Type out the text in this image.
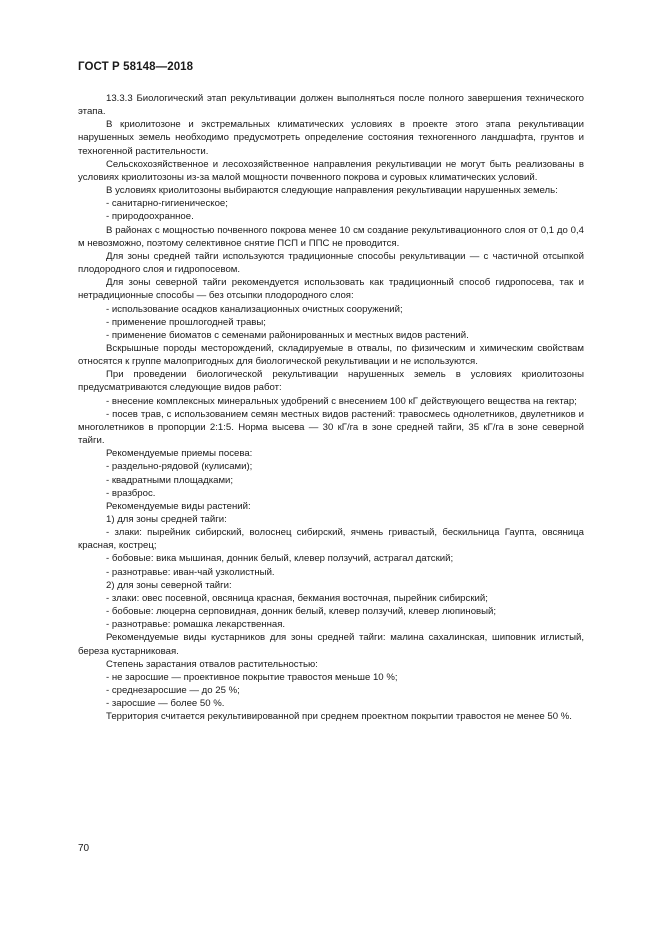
ГОСТ Р 58148—2018

13.3.3 Биологический этап рекультивации должен выполняться после полного завершения технического этапа.

В криолитозоне и экстремальных климатических условиях в проекте этого этапа рекультивации нарушенных земель необходимо предусмотреть определение состояния техногенного ландшафта, грунтов и техногенной растительности.

Сельскохозяйственное и лесохозяйственное направления рекультивации не могут быть реализованы в условиях криолитозоны из-за малой мощности почвенного покрова и суровых климатических условий.

В условиях криолитозоны выбираются следующие направления рекультивации нарушенных земель:

- санитарно-гигиеническое;

- природоохранное.

В районах с мощностью почвенного покрова менее 10 см создание рекультивационного слоя от 0,1 до 0,4 м невозможно, поэтому селективное снятие ПСП и ППС не проводится.

Для зоны средней тайги используются традиционные способы рекультивации — с частичной отсыпкой плодородного слоя и гидропосевом.

Для зоны северной тайги рекомендуется использовать как традиционный способ гидропосева, так и нетрадиционные способы — без отсыпки плодородного слоя:

- использование осадков канализационных очистных сооружений;

- применение прошлогодней травы;

- применение биоматов с семенами районированных и местных видов растений.

Вскрышные породы месторождений, складируемые в отвалы, по физическим и химическим свойствам относятся к группе малопригодных для биологической рекультивации и не используются.

При проведении биологической рекультивации нарушенных земель в условиях криолитозоны предусматриваются следующие видов работ:

- внесение комплексных минеральных удобрений с внесением 100 кГ действующего вещества на гектар;

- посев трав, с использованием семян местных видов растений: травосмесь однолетников, двулетников и многолетников в пропорции 2:1:5. Норма высева — 30 кГ/га в зоне средней тайги, 35 кГ/га в зоне северной тайги.

Рекомендуемые приемы посева:

- раздельно-рядовой (кулисами);

- квадратными площадками;

- вразброс.

Рекомендуемые виды растений:

1) для зоны средней тайги:

- злаки: пырейник сибирский, волоснец сибирский, ячмень гривастый, бескильница Гаупта, овсяница красная, кострец;

- бобовые: вика мышиная, донник белый, клевер ползучий, астрагал датский;

- разнотравье: иван-чай узколистный.

2) для зоны северной тайги:

- злаки: овес посевной, овсяница красная, бекмания восточная, пырейник сибирский;

- бобовые: люцерна серповидная, донник белый, клевер ползучий, клевер люпиновый;

- разнотравье: ромашка лекарственная.

Рекомендуемые виды кустарников для зоны средней тайги: малина сахалинская, шиповник иглистый, береза кустарниковая.

Степень зарастания отвалов растительностью:

- не заросшие — проективное покрытие травостоя меньше 10 %;

- среднезаросшие — до 25 %;

- заросшие — более 50 %.

Территория считается рекультивированной при среднем проектном покрытии травостоя не менее 50 %.

70
